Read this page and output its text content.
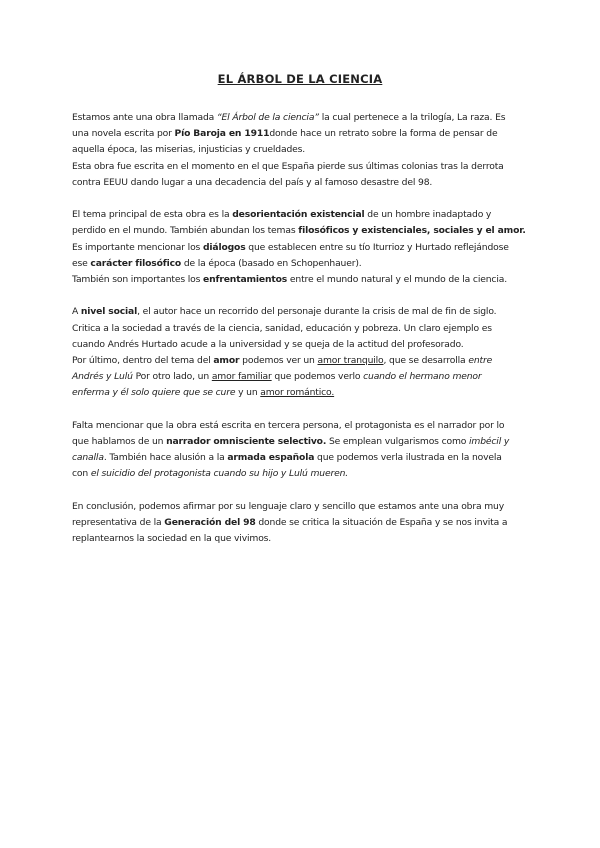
EL ÁRBOL DE LA CIENCIA
Estamos ante una obra llamada “El Árbol de la ciencia” la cual pertenece a la trilogía, La raza. Es
una novela escrita por Pío Baroja en 1911donde hace un retrato sobre la forma de pensar de
aquella época, las miserias, injusticias y crueldades.
Esta obra fue escrita en el momento en el que España pierde sus últimas colonias tras la derrota
contra EEUU dando lugar a una decadencia del país y al famoso desastre del 98.
El tema principal de esta obra es la desorientación existencial de un hombre inadaptado y
perdido en el mundo. También abundan los temas filosóficos y existenciales, sociales y el amor.
Es importante mencionar los diálogos que establecen entre su tío Iturrioz y Hurtado reflejándose
ese carácter filosófico de la época (basado en Schopenhauer).
También son importantes los enfrentamientos entre el mundo natural y el mundo de la ciencia.
A nivel social, el autor hace un recorrido del personaje durante la crisis de mal de fin de siglo.
Critica a la sociedad a través de la ciencia, sanidad, educación y pobreza. Un claro ejemplo es
cuando Andrés Hurtado acude a la universidad y se queja de la actitud del profesorado.
Por último, dentro del tema del amor podemos ver un amor tranquilo, que se desarrolla entre
Andrés y Lulú Por otro lado, un amor familiar que podemos verlo cuando el hermano menor
enferma y él solo quiere que se cure y un amor romántico.
Falta mencionar que la obra está escrita en tercera persona, el protagonista es el narrador por lo
que hablamos de un narrador omnisciente selectivo. Se emplean vulgarismos como imbécil y
canalla. También hace alusión a la armada española que podemos verla ilustrada en la novela
con el suicidio del protagonista cuando su hijo y Lulú mueren.
En conclusión, podemos afirmar por su lenguaje claro y sencillo que estamos ante una obra muy
representativa de la Generación del 98 donde se critica la situación de España y se nos invita a
replantearnos la sociedad en la que vivimos.
